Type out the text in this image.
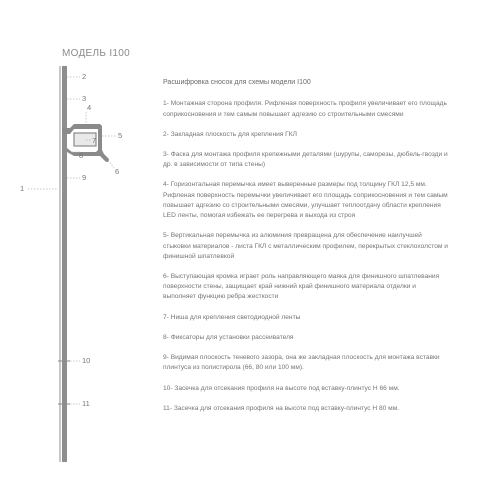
МОДЕЛЬ I100
2
3
4
5
6
7
8
9
1
10
11
Расшифровка сносок для схемы модели I100
1- Монтажная сторона профиля. Рифленая поверхность профиля увеличивает его площадь соприкосновения и тем самым повышает адгезию со строительными смесями
2- Закладная плоскость для крепления ГКЛ
3- Фаска для монтажа профиля крепежными деталями (шурупы, саморезы, дюбель-гвозди и др. в зависимости от типа стены)
4- Горизонтальная перемычка имеет выверенные размеры под толщину ГКЛ 12,5 мм. Рифленая поверхность перемычки увеличивает его площадь соприкосновения и тем самым повышает адгезию со строительными смесями, улучшает теплоотдачу области крепления LED ленты, помогая избежать ее перегрева и выхода из строя
5- Вертикальная перемычка из алюминия превращена для обеспечение наилучшей стыковки материалов - листа ГКЛ с металлическим профилем, перекрытых стеклохолстом и финишной шпатлевкой
6- Выступающая кромка играет роль направляющего маяка для финишного шпатлевания поверхности стены, защищает край нижний край финишного материала отделки и выполняет функцию ребра жесткости
7- Ниша для крепления светодиодной ленты
8- Фиксаторы для установки рассеивателя
9- Видимая плоскость теневого зазора, она же закладная плоскость для монтажа вставки плинтуса из полистирола (66, 80 или 100 мм).
10- Засечка для отсекания профиля на высоте под вставку-плинтус Н 66 мм.
11- Засечка для отсекания профиля на высоте под вставку-плинтус Н 80 мм.
